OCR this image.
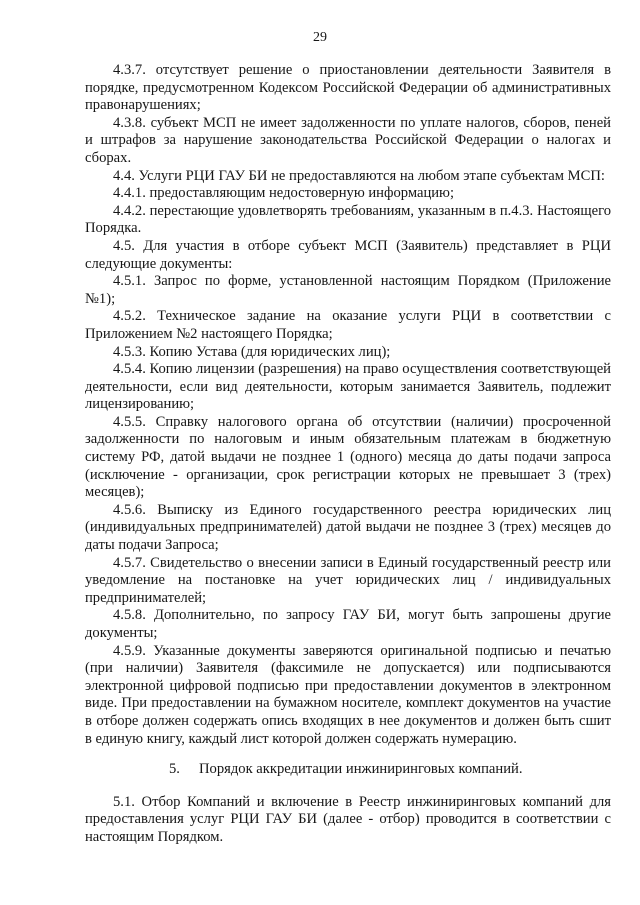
29

4.3.7. отсутствует решение о приостановлении деятельности Заявителя в порядке, предусмотренном Кодексом Российской Федерации об административных правонарушениях;

4.3.8. субъект МСП не имеет задолженности по уплате налогов, сборов, пеней и штрафов за нарушение законодательства Российской Федерации о налогах и сборах.

4.4. Услуги РЦИ ГАУ БИ не предоставляются на любом этапе субъектам МСП:

4.4.1. предоставляющим недостоверную информацию;

4.4.2. перестающие удовлетворять требованиям, указанным в п.4.3. Настоящего Порядка.

4.5. Для участия в отборе субъект МСП (Заявитель) представляет в РЦИ следующие документы:

4.5.1. Запрос по форме, установленной настоящим Порядком (Приложение №1);

4.5.2. Техническое задание на оказание услуги РЦИ в соответствии с Приложением №2 настоящего Порядка;

4.5.3. Копию Устава (для юридических лиц);

4.5.4. Копию лицензии (разрешения) на право осуществления соответствующей деятельности, если вид деятельности, которым занимается Заявитель, подлежит лицензированию;

4.5.5. Справку налогового органа об отсутствии (наличии) просроченной задолженности по налоговым и иным обязательным платежам в бюджетную систему РФ, датой выдачи не позднее 1 (одного) месяца до даты подачи запроса (исключение - организации, срок регистрации которых не превышает 3 (трех) месяцев);

4.5.6. Выписку из Единого государственного реестра юридических лиц (индивидуальных предпринимателей) датой выдачи не позднее 3 (трех) месяцев до даты подачи Запроса;

4.5.7. Свидетельство о внесении записи в Единый государственный реестр или уведомление на постановке на учет юридических лиц / индивидуальных предпринимателей;

4.5.8. Дополнительно, по запросу ГАУ БИ, могут быть запрошены другие документы;

4.5.9. Указанные документы заверяются оригинальной подписью и печатью (при наличии) Заявителя (факсимиле не допускается) или подписываются электронной цифровой подписью при предоставлении документов в электронном виде. При предоставлении на бумажном носителе, комплект документов на участие в отборе должен содержать опись входящих в нее документов и должен быть сшит в единую книгу, каждый лист которой должен содержать нумерацию.

5. Порядок аккредитации инжиниринговых компаний.

5.1. Отбор Компаний и включение в Реестр инжиниринговых компаний для предоставления услуг РЦИ ГАУ БИ (далее - отбор) проводится в соответствии с настоящим Порядком.
